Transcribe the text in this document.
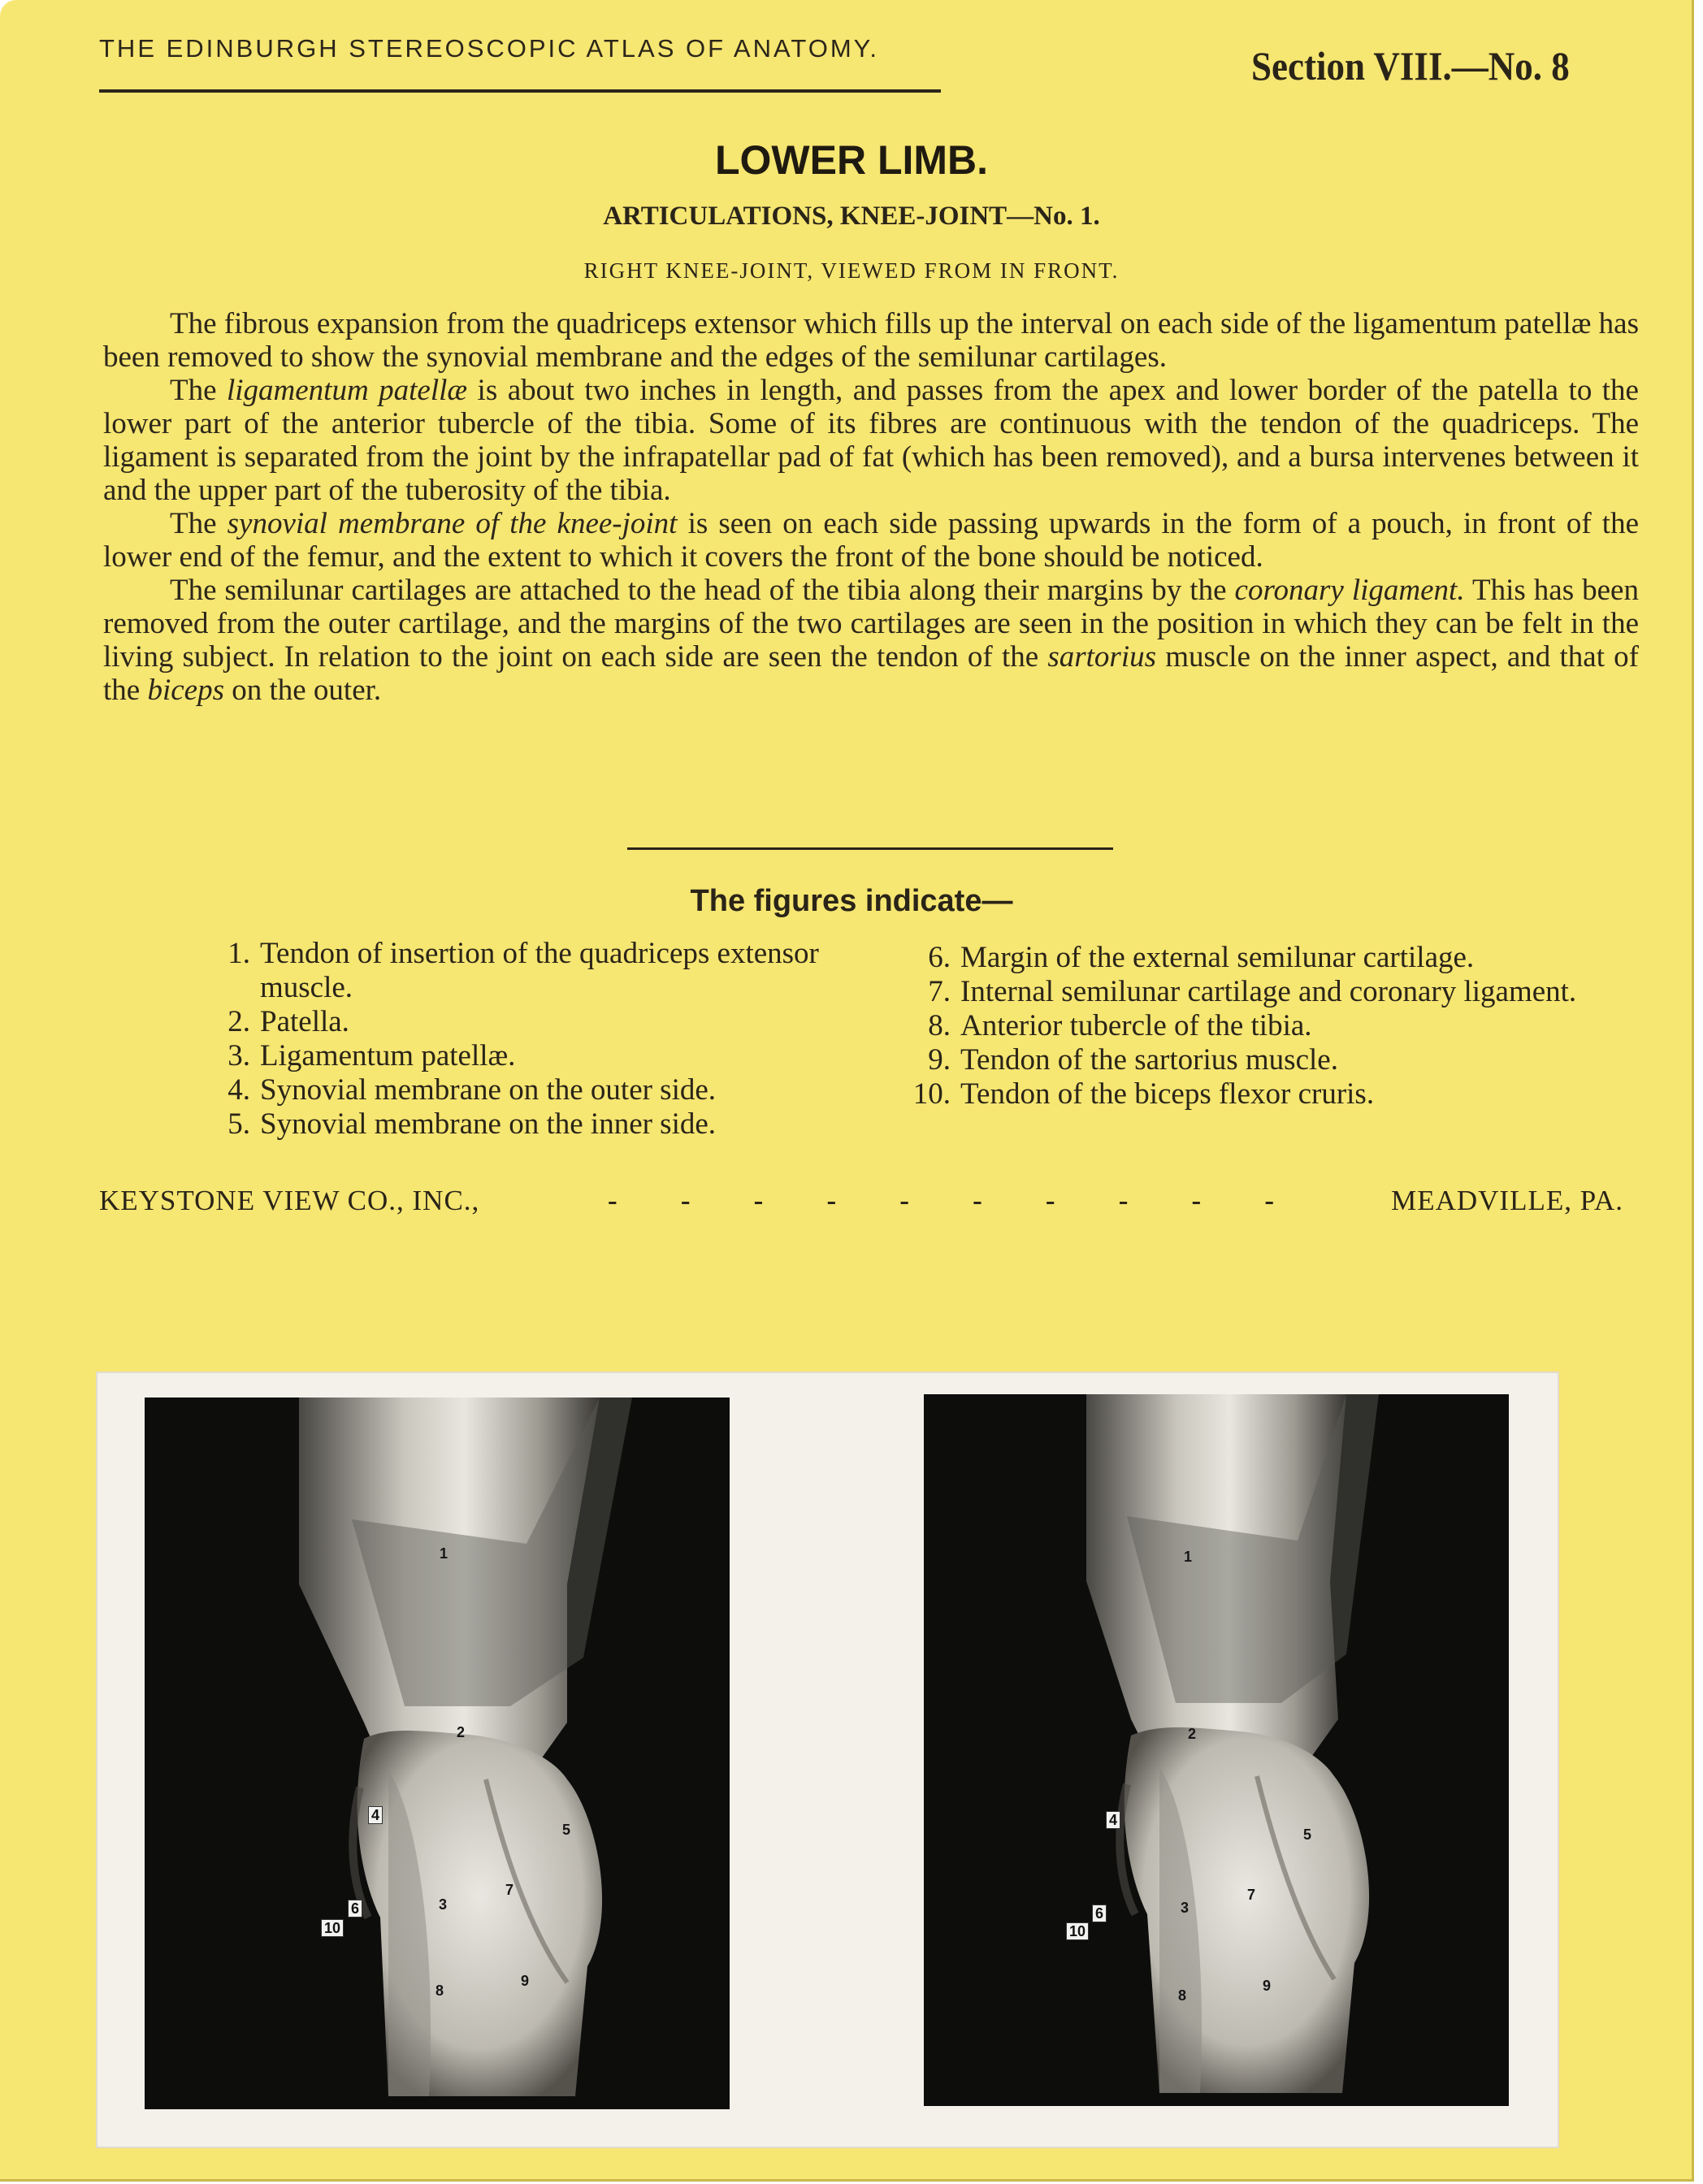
THE EDINBURGH STEREOSCOPIC ATLAS OF ANATOMY.	Section VIII.—No. 8
LOWER LIMB.
ARTICULATIONS, KNEE-JOINT—No. 1.
RIGHT KNEE-JOINT, VIEWED FROM IN FRONT.

The fibrous expansion from the quadriceps extensor which fills up the interval on each side of the ligamentum patellæ has been removed to show the synovial membrane and the edges of the semilunar cartilages.

The ligamentum patellæ is about two inches in length, and passes from the apex and lower border of the patella to the lower part of the anterior tubercle of the tibia. Some of its fibres are continuous with the tendon of the quadriceps. The ligament is separated from the joint by the infrapatellar pad of fat (which has been removed), and a bursa intervenes between it and the upper part of the tuberosity of the tibia.

The synovial membrane of the knee-joint is seen on each side passing upwards in the form of a pouch, in front of the lower end of the femur, and the extent to which it covers the front of the bone should be noticed.

The semilunar cartilages are attached to the head of the tibia along their margins by the coronary ligament. This has been removed from the outer cartilage, and the margins of the two cartilages are seen in the position in which they can be felt in the living subject. In relation to the joint on each side are seen the tendon of the sartorius muscle on the inner aspect, and that of the biceps on the outer.

The figures indicate—
1. Tendon of insertion of the quadriceps extensor muscle.
2. Patella.
3. Ligamentum patellæ.
4. Synovial membrane on the outer side.
5. Synovial membrane on the inner side.
6. Margin of the external semilunar cartilage.
7. Internal semilunar cartilage and coronary ligament.
8. Anterior tubercle of the tibia.
9. Tendon of the sartorius muscle.
10. Tendon of the biceps flexor cruris.
KEYSTONE VIEW CO., INC.,	- - - - - - - - - -	MEADVILLE, PA.
1
2
3
4
5
6
7
8
9
10
1
2
3
4
5
6
7
8
9
10
